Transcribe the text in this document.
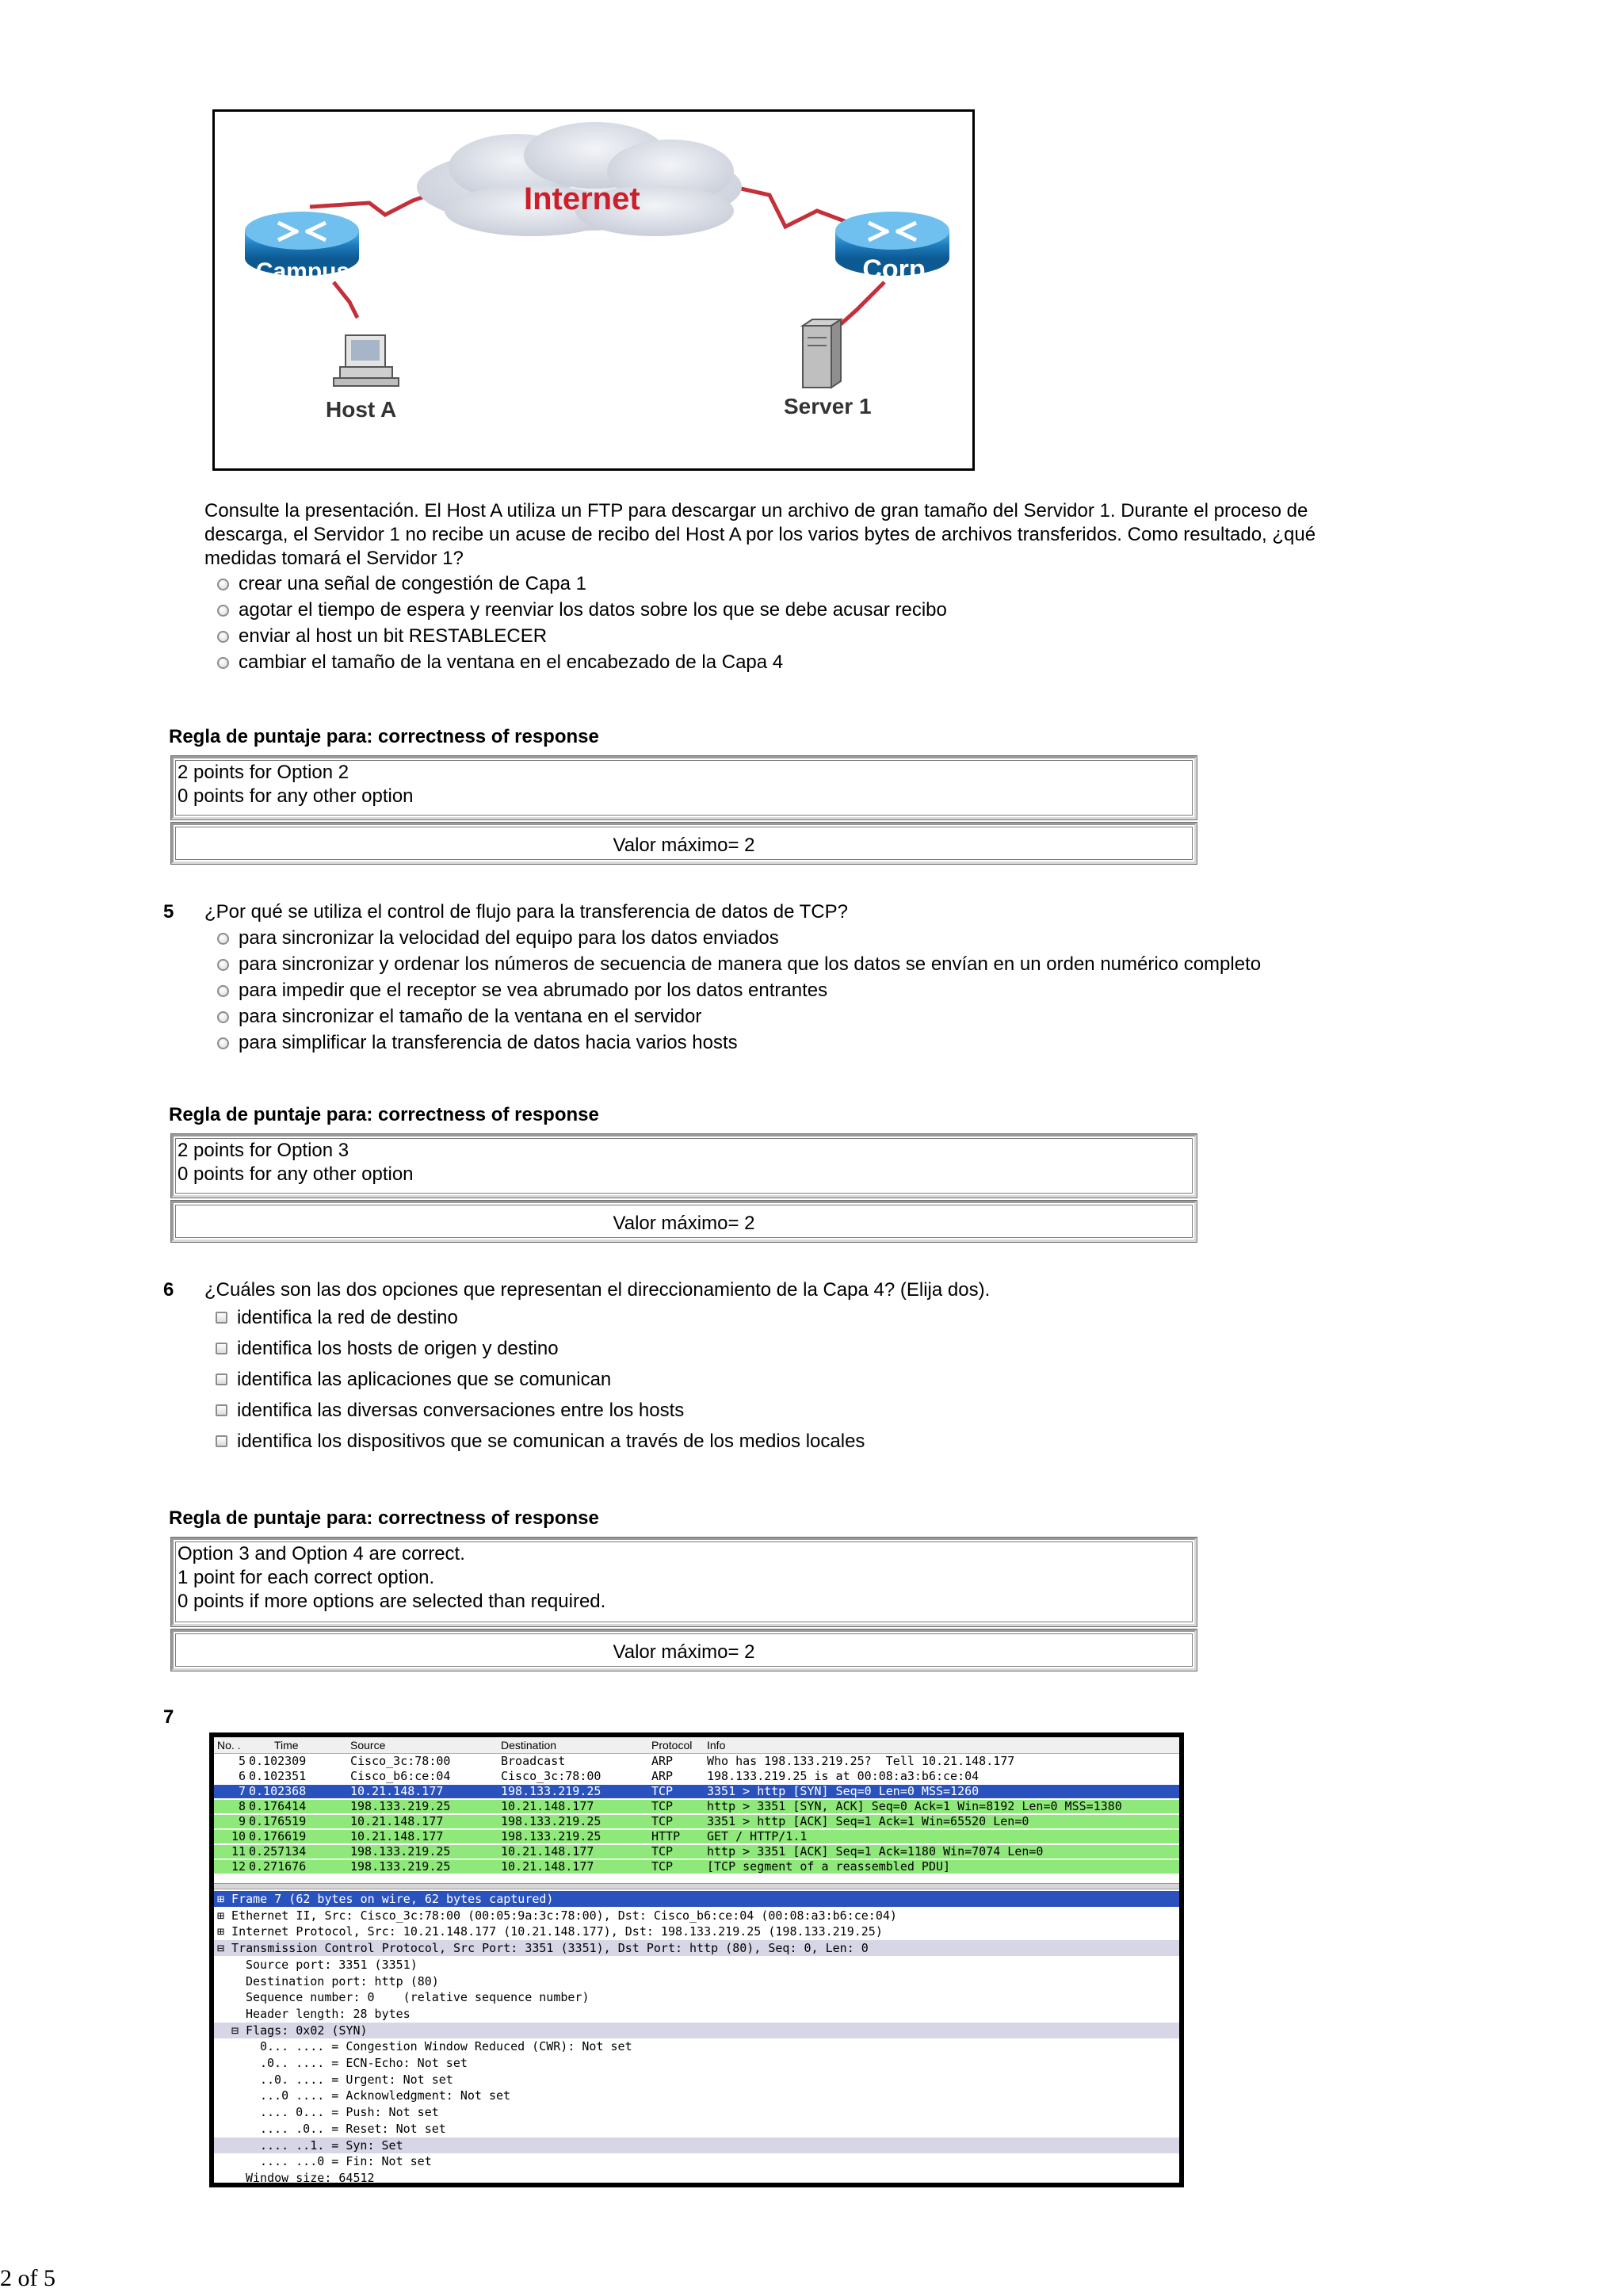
Internet
Campus	Corp
Host A	Server 1
Consulte la presentación. El Host A utiliza un FTP para descargar un archivo de gran tamaño del Servidor 1. Durante el proceso de
descarga, el Servidor 1 no recibe un acuse de recibo del Host A por los varios bytes de archivos transferidos. Como resultado, ¿qué
medidas tomará el Servidor 1?
crear una señal de congestión de Capa 1
agotar el tiempo de espera y reenviar los datos sobre los que se debe acusar recibo
enviar al host un bit RESTABLECER
cambiar el tamaño de la ventana en el encabezado de la Capa 4
Regla de puntaje para: correctness of response
2 points for Option 2
0 points for any other option
Valor máximo= 2
5 ¿Por qué se utiliza el control de flujo para la transferencia de datos de TCP?
para sincronizar la velocidad del equipo para los datos enviados
para sincronizar y ordenar los números de secuencia de manera que los datos se envían en un orden numérico completo
para impedir que el receptor se vea abrumado por los datos entrantes
para sincronizar el tamaño de la ventana en el servidor
para simplificar la transferencia de datos hacia varios hosts
Regla de puntaje para: correctness of response
2 points for Option 3
0 points for any other option
Valor máximo= 2
6 ¿Cuáles son las dos opciones que representan el direccionamiento de la Capa 4? (Elija dos).
identifica la red de destino
identifica los hosts de origen y destino
identifica las aplicaciones que se comunican
identifica las diversas conversaciones entre los hosts
identifica los dispositivos que se comunican a través de los medios locales
Regla de puntaje para: correctness of response
Option 3 and Option 4 are correct.
1 point for each correct option.
0 points if more options are selected than required.
Valor máximo= 2
7
No. .	Time	Source	Destination	Protocol Info
5 0.102309	Cisco_3c:78:00	Broadcast	ARP	Who has 198.133.219.25?  Tell 10.21.148.177
6 0.102351	Cisco_b6:ce:04	Cisco_3c:78:00	ARP	198.133.219.25 is at 00:08:a3:b6:ce:04
7 0.102368	10.21.148.177	198.133.219.25	TCP	3351 > http [SYN] Seq=0 Len=0 MSS=1260
8 0.176414	198.133.219.25	10.21.148.177	TCP	http > 3351 [SYN, ACK] Seq=0 Ack=1 Win=8192 Len=0 MSS=1380
9 0.176519	10.21.148.177	198.133.219.25	TCP	3351 > http [ACK] Seq=1 Ack=1 Win=65520 Len=0
10 0.176619	10.21.148.177	198.133.219.25	HTTP	GET / HTTP/1.1
11 0.257134	198.133.219.25	10.21.148.177	TCP	http > 3351 [ACK] Seq=1 Ack=1180 Win=7074 Len=0
12 0.271676	198.133.219.25	10.21.148.177	TCP	[TCP segment of a reassembled PDU]
⊞ Frame 7 (62 bytes on wire, 62 bytes captured)
⊞ Ethernet II, Src: Cisco_3c:78:00 (00:05:9a:3c:78:00), Dst: Cisco_b6:ce:04 (00:08:a3:b6:ce:04)
⊞ Internet Protocol, Src: 10.21.148.177 (10.21.148.177), Dst: 198.133.219.25 (198.133.219.25)
⊟ Transmission Control Protocol, Src Port: 3351 (3351), Dst Port: http (80), Seq: 0, Len: 0
Source port: 3351 (3351)
Destination port: http (80)
Sequence number: 0    (relative sequence number)
Header length: 28 bytes
⊟ Flags: 0x02 (SYN)
0... .... = Congestion Window Reduced (CWR): Not set
.0.. .... = ECN-Echo: Not set
..0. .... = Urgent: Not set
...0 .... = Acknowledgment: Not set
.... 0... = Push: Not set
.... .0.. = Reset: Not set
.... ..1. = Syn: Set
.... ...0 = Fin: Not set
Window size: 64512
2 of 5
